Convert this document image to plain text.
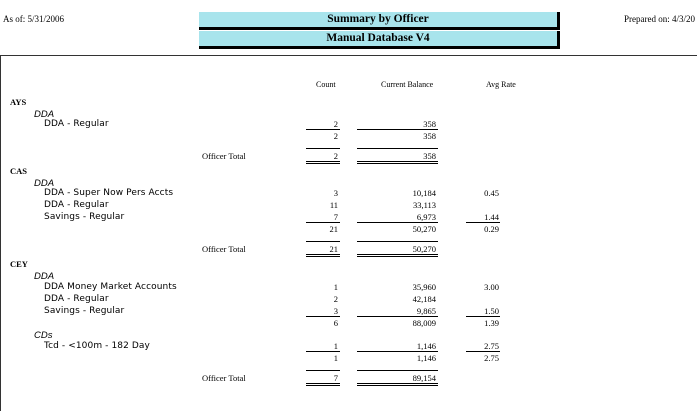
As of: 5/31/2006	Prepared on: 4/3/20
Summary by Officer
Manual Database V4
Count	Current Balance	Avg Rate
AYS
DDA
DDA - Regular	2	358
2	358
Officer Total	2	358
CAS
DDA
DDA - Super Now Pers Accts	3	10,184	0.45
DDA - Regular	11	33,113
Savings - Regular	7	6,973	1.44
21	50,270	0.29
Officer Total	21	50,270
CEY
DDA
DDA Money Market Accounts	1	35,960	3.00
DDA - Regular	2	42,184
Savings - Regular	3	9,865	1.50
6	88,009	1.39
CDs
Tcd - <100m - 182 Day	1	1,146	2.75
1	1,146	2.75
Officer Total	7	89,154
